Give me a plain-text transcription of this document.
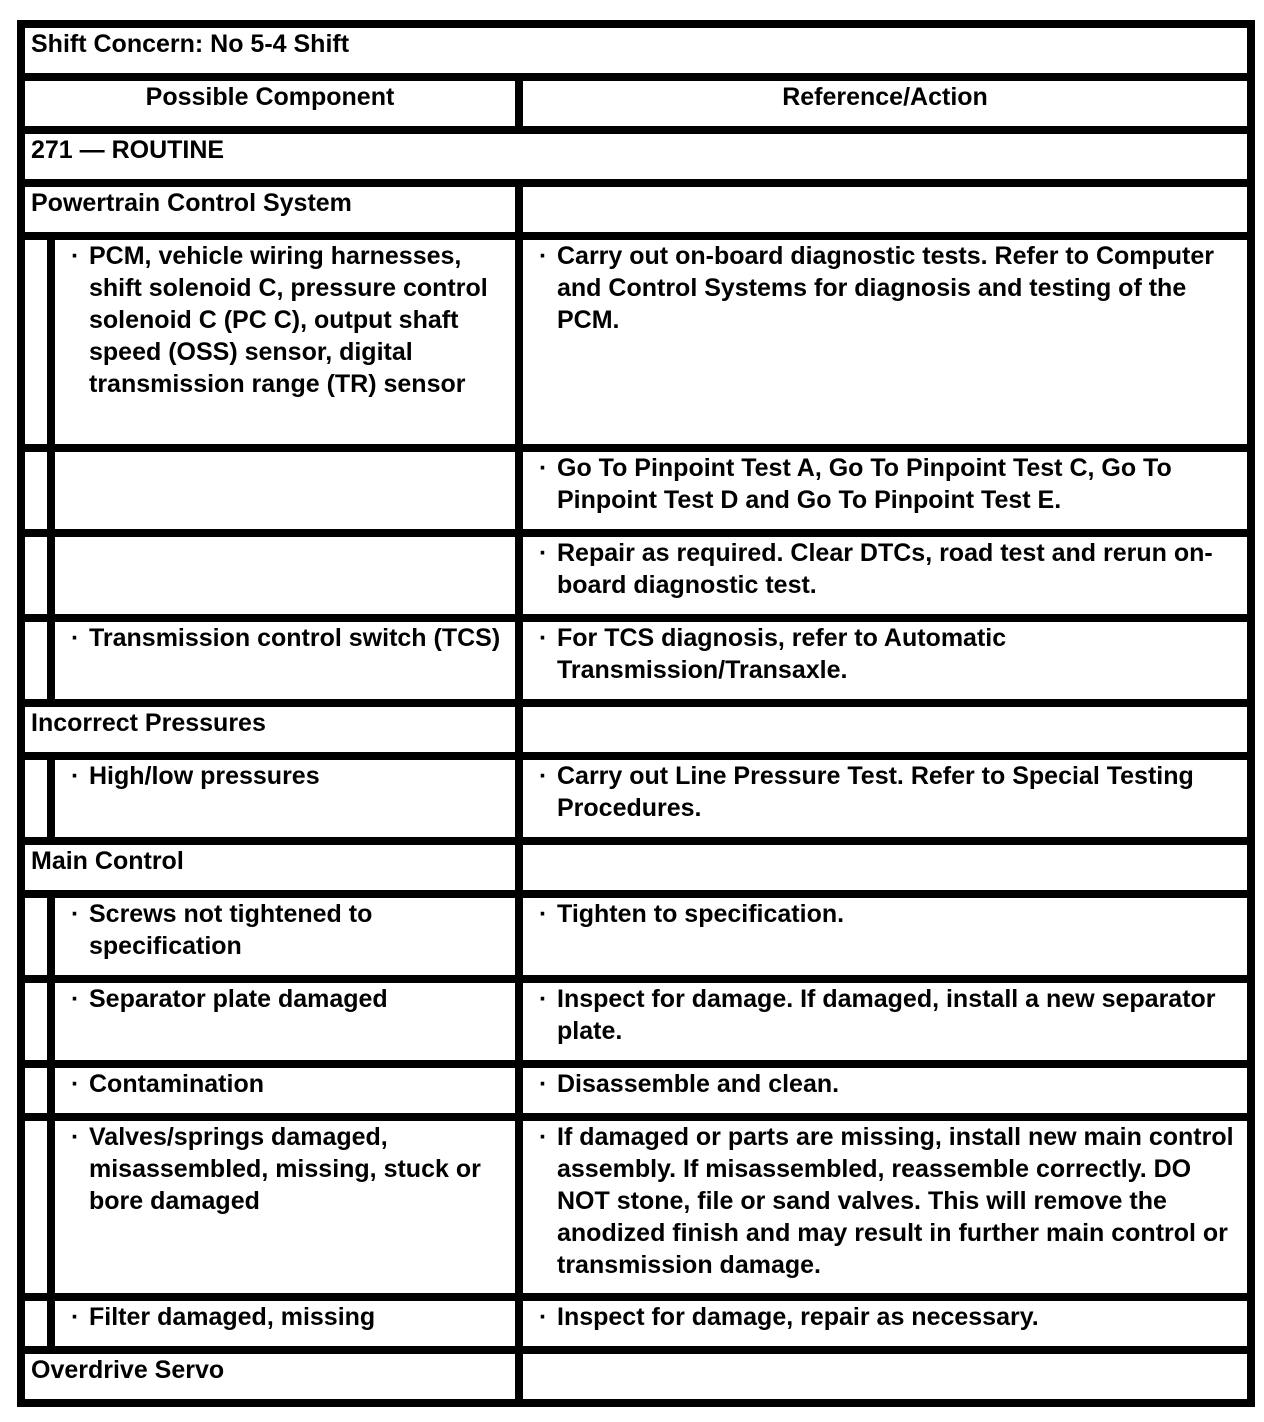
Shift Concern: No 5-4 Shift		
Possible Component		Reference/Action
271 — ROUTINE		
Powertrain Control System		
	· PCM, vehicle wiring harnesses, shift solenoid C, pressure control solenoid C (PC C), output shaft speed (OSS) sensor, digital transmission range (TR) sensor	· Carry out on-board diagnostic tests. Refer to Computer and Control Systems for diagnosis and testing of the PCM.
		· Go To Pinpoint Test A, Go To Pinpoint Test C, Go To Pinpoint Test D and Go To Pinpoint Test E.
		· Repair as required. Clear DTCs, road test and rerun on-board diagnostic test.
	· Transmission control switch (TCS)	· For TCS diagnosis, refer to Automatic Transmission/Transaxle.
Incorrect Pressures		
	· High/low pressures	· Carry out Line Pressure Test. Refer to Special Testing Procedures.
Main Control		
	· Screws not tightened to specification	· Tighten to specification.
	· Separator plate damaged	· Inspect for damage. If damaged, install a new separator plate.
	· Contamination	· Disassemble and clean.
	· Valves/springs damaged, misassembled, missing, stuck or bore damaged	· If damaged or parts are missing, install new main control assembly. If misassembled, reassemble correctly. DO NOT stone, file or sand valves. This will remove the anodized finish and may result in further main control or transmission damage.
	· Filter damaged, missing	· Inspect for damage, repair as necessary.
Overdrive Servo		
